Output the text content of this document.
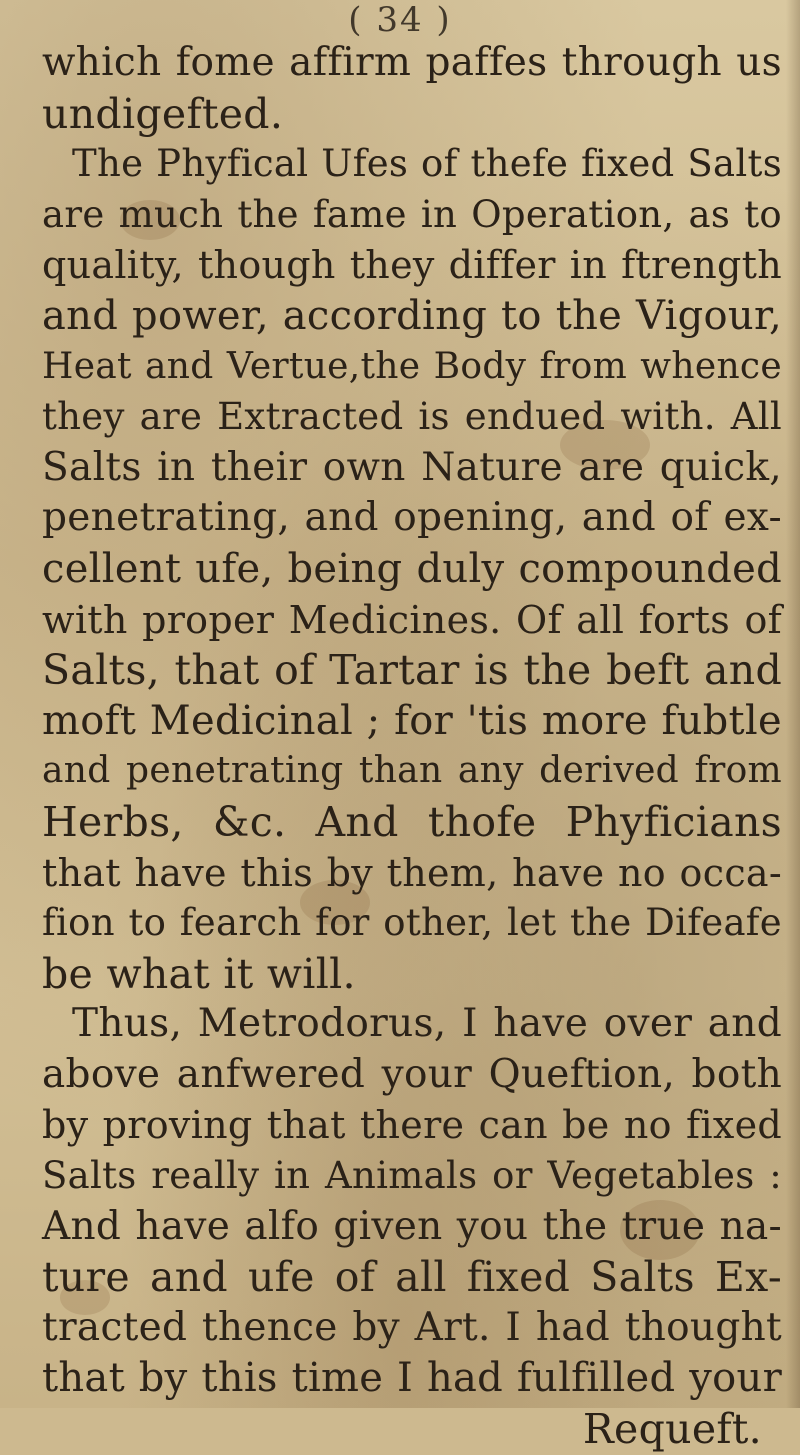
( 34 )
which fome affirm paffes through us
undigefted.
The Phyfical Ufes of thefe fixed Salts
are much the fame in Operation, as to
quality, though they differ in ftrength
and power, according to the Vigour,
Heat and Vertue,the Body from whence
they are Extracted is endued with. All
Salts in their own Nature are quick,
penetrating, and opening, and of ex-
cellent ufe, being duly compounded
with proper Medicines. Of all forts of
Salts, that of Tartar is the beft and
moft Medicinal ; for 'tis more fubtle
and penetrating than any derived from
Herbs, &c. And thofe Phyficians
that have this by them, have no occa-
fion to fearch for other, let the Difeafe
be what it will.
Thus, Metrodorus, I have over and
above anfwered your Queftion, both
by proving that there can be no fixed
Salts really in Animals or Vegetables :
And have alfo given you the true na-
ture and ufe of all fixed Salts Ex-
tracted thence by Art. I had thought
that by this time I had fulfilled your
Requeft.
